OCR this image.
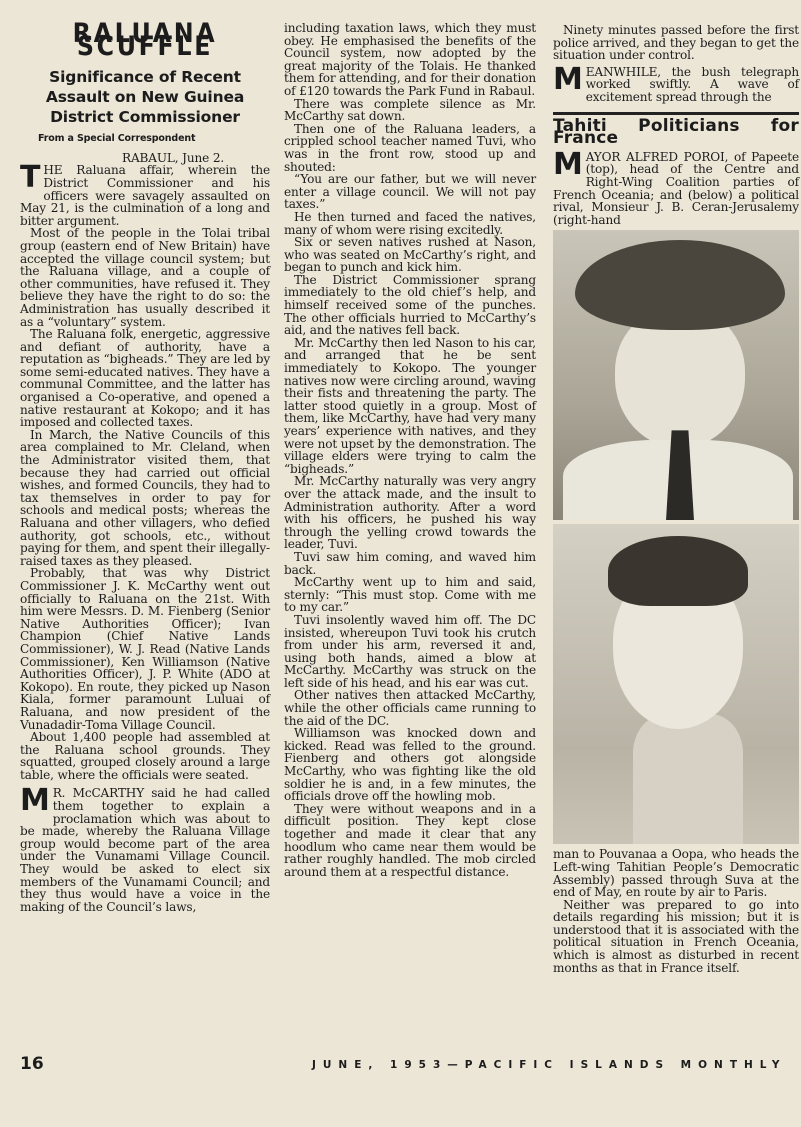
RALUANA SCUFFLE
Significance of Recent Assault on New Guinea District Commissioner
From a Special Correspondent

RABAUL, June 2.

THE Raluana affair, wherein the District Commissioner and his officers were savagely assaulted on May 21, is the culmination of a long and bitter argument.

Most of the people in the Tolai tribal group (eastern end of New Britain) have accepted the village council system; but the Raluana village, and a couple of other communities, have refused it. They believe they have the right to do so: the Administration has usually described it as a “voluntary” system.

The Raluana folk, energetic, aggressive and defiant of authority, have a reputation as “bigheads.” They are led by some semi-educated natives. They have a communal Committee, and the latter has organised a Co-operative, and opened a native restaurant at Kokopo; and it has imposed and collected taxes.

In March, the Native Councils of this area complained to Mr. Cleland, when the Administrator visited them, that because they had carried out official wishes, and formed Councils, they had to tax themselves in order to pay for schools and medical posts; whereas the Raluana and other villagers, who defied authority, got schools, etc., without paying for them, and spent their illegally-raised taxes as they pleased.

Probably, that was why District Commissioner J. K. McCarthy went out officially to Raluana on the 21st. With him were Messrs. D. M. Fienberg (Senior Native Authorities Officer); Ivan Champion (Chief Native Lands Commissioner), W. J. Read (Native Lands Commissioner), Ken Williamson (Native Authorities Officer), J. P. White (ADO at Kokopo). En route, they picked up Nason Kiala, former paramount Luluai of Raluana, and now president of the Vunadadir-Toma Village Council.

About 1,400 people had assembled at the Raluana school grounds. They squatted, grouped closely around a large table, where the officials were seated.

MR. McCARTHY said he had called them together to explain a proclamation which was about to be made, whereby the Raluana Village group would become part of the area under the Vunamami Village Council. They would be asked to elect six members of the Vunamami Council; and they thus would have a voice in the making of the Council’s laws,

including taxation laws, which they must obey. He emphasised the benefits of the Council system, now adopted by the great majority of the Tolais. He thanked them for attending, and for their donation of £120 towards the Park Fund in Rabaul.

There was complete silence as Mr. McCarthy sat down.

Then one of the Raluana leaders, a crippled school teacher named Tuvi, who was in the front row, stood up and shouted:

“You are our father, but we will never enter a village council. We will not pay taxes.”

He then turned and faced the natives, many of whom were rising excitedly.

Six or seven natives rushed at Nason, who was seated on McCarthy’s right, and began to punch and kick him.

The District Commissioner sprang immediately to the old chief’s help, and himself received some of the punches. The other officials hurried to McCarthy’s aid, and the natives fell back.

Mr. McCarthy then led Nason to his car, and arranged that he be sent immediately to Kokopo. The younger natives now were circling around, waving their fists and threatening the party. The latter stood quietly in a group. Most of them, like McCarthy, have had very many years’ experience with natives, and they were not upset by the demonstration. The village elders were trying to calm the “bigheads.”

Mr. McCarthy naturally was very angry over the attack made, and the insult to Administration authority. After a word with his officers, he pushed his way through the yelling crowd towards the leader, Tuvi.

Tuvi saw him coming, and waved him back.

McCarthy went up to him and said, sternly: “This must stop. Come with me to my car.”

Tuvi insolently waved him off. The DC insisted, whereupon Tuvi took his crutch from under his arm, reversed it and, using both hands, aimed a blow at McCarthy. McCarthy was struck on the left side of his head, and his ear was cut.

Other natives then attacked McCarthy, while the other officials came running to the aid of the DC.

Williamson was knocked down and kicked. Read was felled to the ground. Fienberg and others got alongside McCarthy, who was fighting like the old soldier he is and, in a few minutes, the officials drove off the howling mob.

They were without weapons and in a difficult position. They kept close together and made it clear that any hoodlum who came near them would be rather roughly handled. The mob circled around them at a respectful distance.

Ninety minutes passed before the first police arrived, and they began to get the situation under control.

MEANWHILE, the bush telegraph worked swiftly. A wave of excitement spread through the

Tahiti Politicians for France

MAYOR ALFRED POROI, of Papeete (top), head of the Centre and Right-Wing Coalition parties of French Oceania; and (below) a political rival, Monsieur J. B. Ceran-Jerusalemy (right-hand

man to Pouvanaa a Oopa, who heads the Left-wing Tahitian People’s Democratic Assembly) passed through Suva at the end of May, en route by air to Paris.

Neither was prepared to go into details regarding his mission; but it is understood that it is associated with the political situation in French Oceania, which is almost as disturbed in recent months as that in France itself.

16	JUNE, 1953—PACIFIC ISLANDS MONTHLY
